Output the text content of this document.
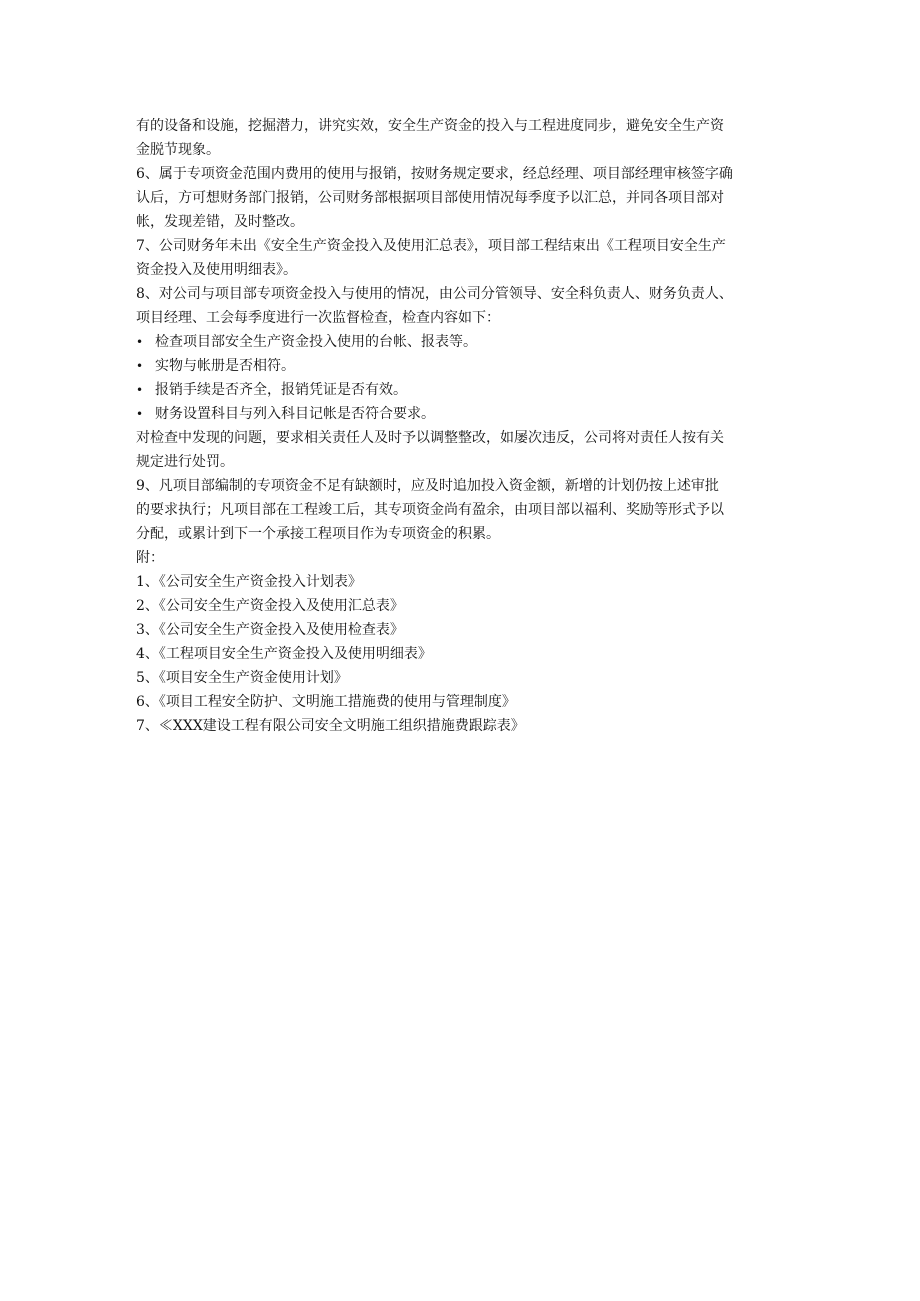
有的设备和设施，挖掘潜力，讲究实效，安全生产资金的投入与工程进度同步，避免安全生产资
金脱节现象。
6、属于专项资金范围内费用的使用与报销，按财务规定要求，经总经理、项目部经理审核签字确
认后，方可想财务部门报销，公司财务部根据项目部使用情况每季度予以汇总，并同各项目部对
帐，发现差错，及时整改。
7、公司财务年未出《安全生产资金投入及使用汇总表》，项目部工程结束出《工程项目安全生产
资金投入及使用明细表》。
8、对公司与项目部专项资金投入与使用的情况，由公司分管领导、安全科负责人、财务负责人、
项目经理、工会每季度进行一次监督检查，检查内容如下：
• 检查项目部安全生产资金投入使用的台帐、报表等。
• 实物与帐册是否相符。
• 报销手续是否齐全，报销凭证是否有效。
• 财务设置科目与列入科目记帐是否符合要求。
对检查中发现的问题，要求相关责任人及时予以调整整改，如屡次违反，公司将对责任人按有关
规定进行处罚。
9、凡项目部编制的专项资金不足有缺额时，应及时追加投入资金额，新增的计划仍按上述审批
的要求执行；凡项目部在工程竣工后，其专项资金尚有盈余，由项目部以福利、奖励等形式予以
分配，或累计到下一个承接工程项目作为专项资金的积累。
附：
1、《公司安全生产资金投入计划表》
2、《公司安全生产资金投入及使用汇总表》
3、《公司安全生产资金投入及使用检查表》
4、《工程项目安全生产资金投入及使用明细表》
5、《项目安全生产资金使用计划》
6、《项目工程安全防护、文明施工措施费的使用与管理制度》
7、≪XXX建设工程有限公司安全文明施工组织措施费跟踪表》
